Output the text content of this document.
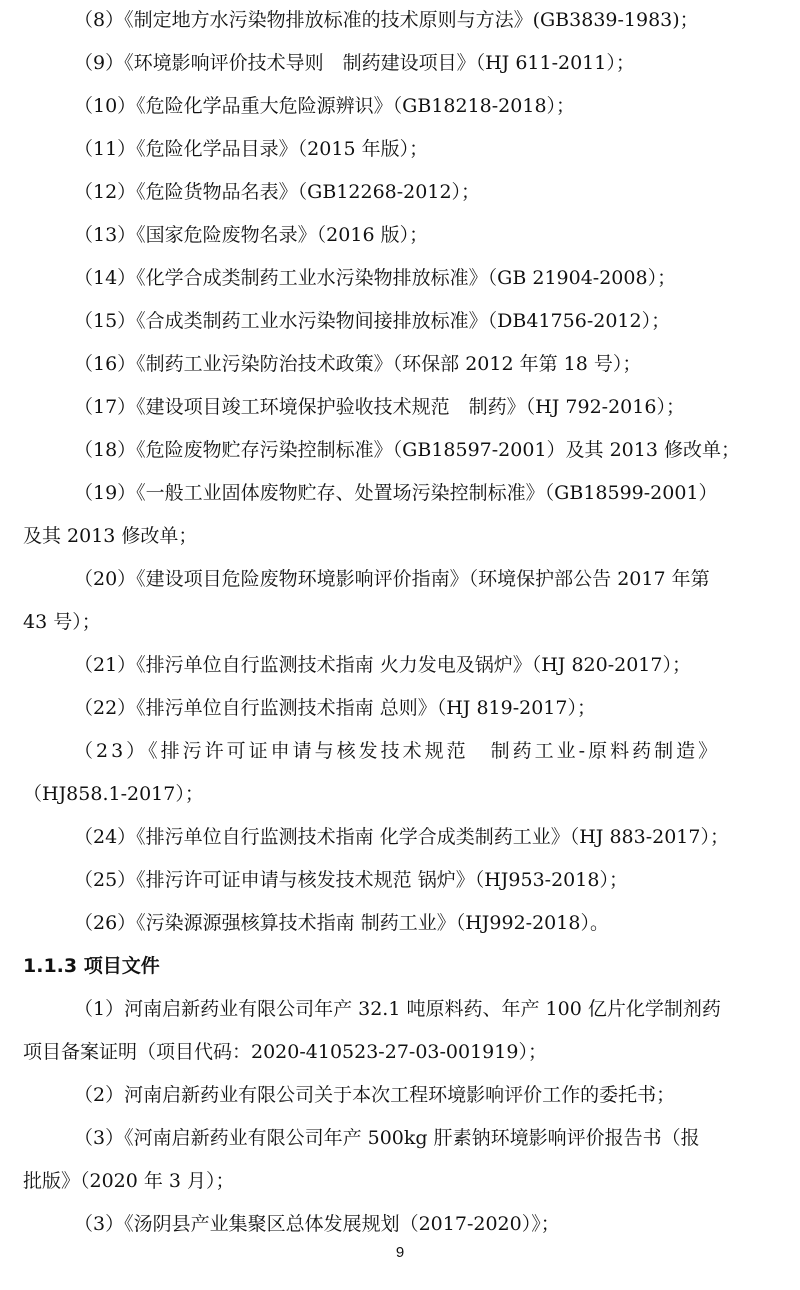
（8）《制定地方水污染物排放标准的技术原则与方法》(GB3839-1983)；
（9）《环境影响评价技术导则　制药建设项目》（HJ 611-2011）；
（10）《危险化学品重大危险源辨识》（GB18218-2018）；
（11）《危险化学品目录》（2015 年版）；
（12）《危险货物品名表》（GB12268-2012）；
（13）《国家危险废物名录》（2016 版）；
（14）《化学合成类制药工业水污染物排放标准》（GB 21904-2008）；
（15）《合成类制药工业水污染物间接排放标准》（DB41756-2012）；
（16）《制药工业污染防治技术政策》（环保部 2012 年第 18 号）；
（17）《建设项目竣工环境保护验收技术规范　制药》（HJ 792-2016）；
（18）《危险废物贮存污染控制标准》（GB18597-2001）及其 2013 修改单；
（19）《一般工业固体废物贮存、处置场污染控制标准》（GB18599-2001）
及其 2013 修改单；
（20）《建设项目危险废物环境影响评价指南》（环境保护部公告 2017 年第
43 号）；
（21）《排污单位自行监测技术指南 火力发电及锅炉》（HJ 820-2017）；
（22）《排污单位自行监测技术指南 总则》（HJ 819-2017）；
（23）《排污许可证申请与核发技术规范　制药工业-原料药制造》
（HJ858.1-2017）；
（24）《排污单位自行监测技术指南 化学合成类制药工业》（HJ 883-2017）；
（25）《排污许可证申请与核发技术规范 锅炉》（HJ953-2018）；
（26）《污染源源强核算技术指南 制药工业》（HJ992-2018）。
1.1.3 项目文件
（1）河南启新药业有限公司年产 32.1 吨原料药、年产 100 亿片化学制剂药
项目备案证明（项目代码：2020-410523-27-03-001919）；
（2）河南启新药业有限公司关于本次工程环境影响评价工作的委托书；
（3）《河南启新药业有限公司年产 500kg 肝素钠环境影响评价报告书（报
批版》（2020 年 3 月）；
（3）《汤阴县产业集聚区总体发展规划（2017-2020）》；
9
